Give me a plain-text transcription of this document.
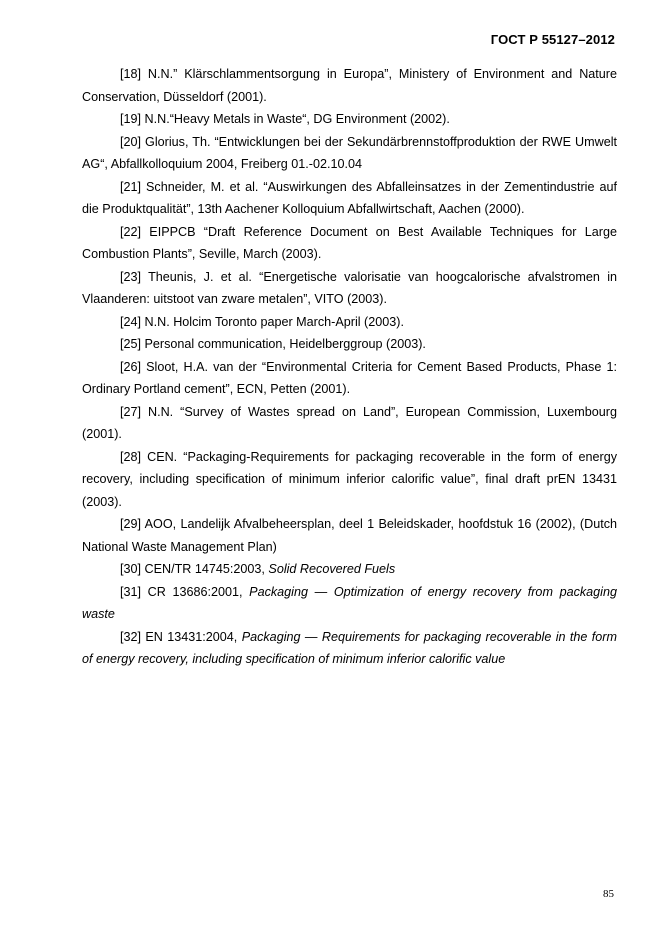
ГОСТ Р 55127–2012

[18] N.N.” Klärschlammentsorgung in Europa”, Ministery of Environment and Nature Conservation, Düsseldorf (2001).

[19] N.N.“Heavy Metals in Waste“, DG Environment (2002).

[20] Glorius, Th. “Entwicklungen bei der Sekundärbrennstoffproduktion der RWE Umwelt AG“, Abfallkolloquium 2004, Freiberg 01.-02.10.04

[21] Schneider, M. et al. “Auswirkungen des Abfalleinsatzes in der Zementindustrie auf die Produktqualität”, 13th Aachener Kolloquium Abfallwirtschaft, Aachen (2000).

[22] EIPPCB “Draft Reference Document on Best Available Techniques for Large Combustion Plants”, Seville, March (2003).

[23] Theunis, J. et al. “Energetische valorisatie van hoogcalorische afvalstromen in Vlaanderen: uitstoot van zware metalen”, VITO (2003).

[24] N.N. Holcim Toronto paper March-April (2003).

[25] Personal communication, Heidelberggroup (2003).

[26] Sloot, H.A. van der “Environmental Criteria for Cement Based Products, Phase 1: Ordinary Portland cement”, ECN, Petten (2001).

[27] N.N. “Survey of Wastes spread on Land”, European Commission, Luxembourg (2001).

[28] CEN. “Packaging-Requirements for packaging recoverable in the form of energy recovery, including specification of minimum inferior calorific value”, final draft prEN 13431 (2003).

[29] AOO, Landelijk Afvalbeheersplan, deel 1 Beleidskader, hoofdstuk 16 (2002), (Dutch National Waste Management Plan)

[30] CEN/TR 14745:2003, Solid Recovered Fuels

[31] CR 13686:2001, Packaging — Optimization of energy recovery from packaging waste

[32] EN 13431:2004, Packaging — Requirements for packaging recoverable in the form of energy recovery, including specification of minimum inferior calorific value

85
